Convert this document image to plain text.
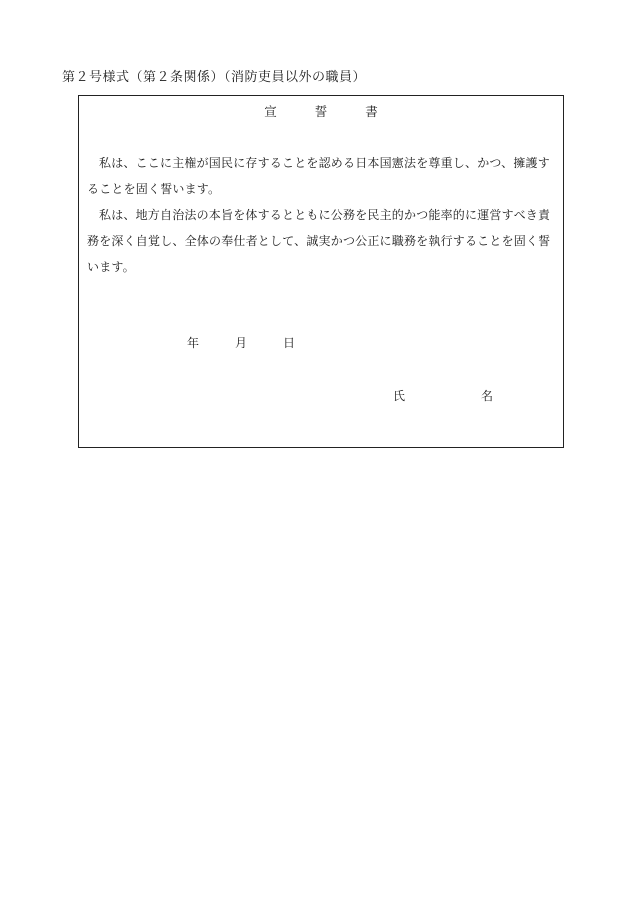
第２号様式（第２条関係）（消防吏員以外の職員）
宣	誓	書

私は、ここに主権が国民に存することを認める日本国憲法を尊重し、かつ、擁護することを固く誓います。

私は、地方自治法の本旨を体するとともに公務を民主的かつ能率的に運営すべき責務を深く自覚し、全体の奉仕者として、誠実かつ公正に職務を執行することを固く誓います。

年	月	日
氏	名
